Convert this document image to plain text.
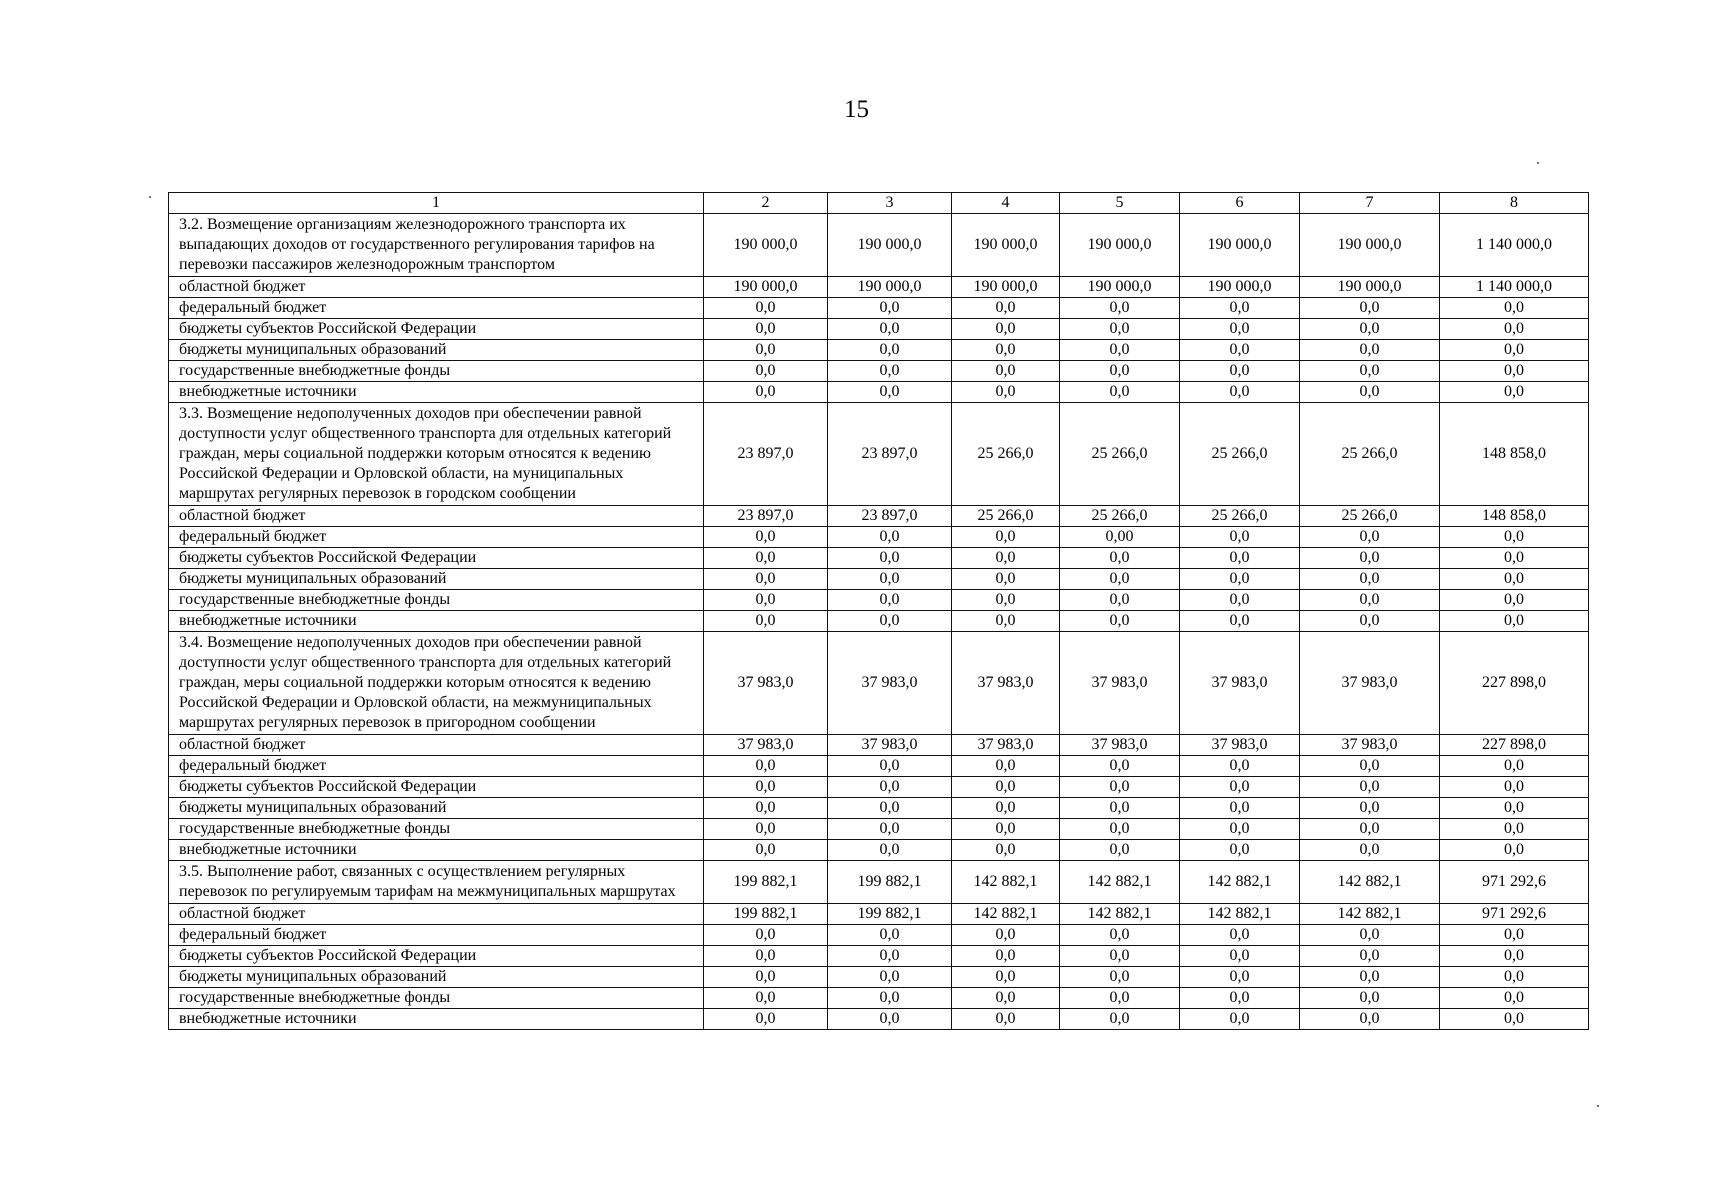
15
1	2	3	4	5	6	7	8
3.2. Возмещение организациям железнодорожного транспорта их выпадающих доходов от государственного регулирования тарифов на перевозки пассажиров железнодорожным транспортом	190 000,0	190 000,0	190 000,0	190 000,0	190 000,0	190 000,0	1 140 000,0
областной бюджет	190 000,0	190 000,0	190 000,0	190 000,0	190 000,0	190 000,0	1 140 000,0
федеральный бюджет	0,0	0,0	0,0	0,0	0,0	0,0	0,0
бюджеты субъектов Российской Федерации	0,0	0,0	0,0	0,0	0,0	0,0	0,0
бюджеты муниципальных образований	0,0	0,0	0,0	0,0	0,0	0,0	0,0
государственные внебюджетные фонды	0,0	0,0	0,0	0,0	0,0	0,0	0,0
внебюджетные источники	0,0	0,0	0,0	0,0	0,0	0,0	0,0
3.3. Возмещение недополученных доходов при обеспечении равной доступности услуг общественного транспорта для отдельных категорий граждан, меры социальной поддержки которым относятся к ведению Российской Федерации и Орловской области, на муниципальных маршрутах регулярных перевозок в городском сообщении	23 897,0	23 897,0	25 266,0	25 266,0	25 266,0	25 266,0	148 858,0
областной бюджет	23 897,0	23 897,0	25 266,0	25 266,0	25 266,0	25 266,0	148 858,0
федеральный бюджет	0,0	0,0	0,0	0,00	0,0	0,0	0,0
бюджеты субъектов Российской Федерации	0,0	0,0	0,0	0,0	0,0	0,0	0,0
бюджеты муниципальных образований	0,0	0,0	0,0	0,0	0,0	0,0	0,0
государственные внебюджетные фонды	0,0	0,0	0,0	0,0	0,0	0,0	0,0
внебюджетные источники	0,0	0,0	0,0	0,0	0,0	0,0	0,0
3.4. Возмещение недополученных доходов при обеспечении равной доступности услуг общественного транспорта для отдельных категорий граждан, меры социальной поддержки которым относятся к ведению Российской Федерации и Орловской области, на межмуниципальных маршрутах регулярных перевозок в пригородном сообщении	37 983,0	37 983,0	37 983,0	37 983,0	37 983,0	37 983,0	227 898,0
областной бюджет	37 983,0	37 983,0	37 983,0	37 983,0	37 983,0	37 983,0	227 898,0
федеральный бюджет	0,0	0,0	0,0	0,0	0,0	0,0	0,0
бюджеты субъектов Российской Федерации	0,0	0,0	0,0	0,0	0,0	0,0	0,0
бюджеты муниципальных образований	0,0	0,0	0,0	0,0	0,0	0,0	0,0
государственные внебюджетные фонды	0,0	0,0	0,0	0,0	0,0	0,0	0,0
внебюджетные источники	0,0	0,0	0,0	0,0	0,0	0,0	0,0
3.5. Выполнение работ, связанных с осуществлением регулярных перевозок по регулируемым тарифам на межмуниципальных маршрутах	199 882,1	199 882,1	142 882,1	142 882,1	142 882,1	142 882,1	971 292,6
областной бюджет	199 882,1	199 882,1	142 882,1	142 882,1	142 882,1	142 882,1	971 292,6
федеральный бюджет	0,0	0,0	0,0	0,0	0,0	0,0	0,0
бюджеты субъектов Российской Федерации	0,0	0,0	0,0	0,0	0,0	0,0	0,0
бюджеты муниципальных образований	0,0	0,0	0,0	0,0	0,0	0,0	0,0
государственные внебюджетные фонды	0,0	0,0	0,0	0,0	0,0	0,0	0,0
внебюджетные источники	0,0	0,0	0,0	0,0	0,0	0,0	0,0
